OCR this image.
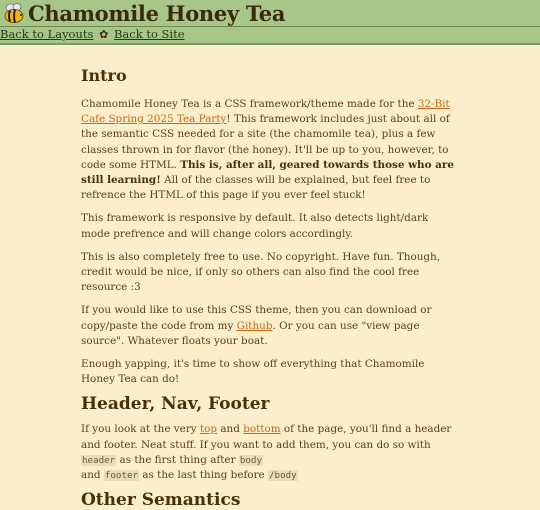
Chamomile Honey Tea
Back to Layouts ✿ Back to Site
Intro

Chamomile Honey Tea is a CSS framework/theme made for the 32-Bit Cafe Spring 2025 Tea Party! This framework includes just about all of the semantic CSS needed for a site (the chamomile tea), plus a few classes thrown in for flavor (the honey). It'll be up to you, however, to code some HTML. This is, after all, geared towards those who are still learning! All of the classes will be explained, but feel free to refrence the HTML of this page if you ever feel stuck!

This framework is responsive by default. It also detects light/dark mode prefrence and will change colors accordingly.

This is also completely free to use. No copyright. Have fun. Though, credit would be nice, if only so others can also find the cool free resource :3

If you would like to use this CSS theme, then you can download or copy/paste the code from my Github. Or you can use "view page source". Whatever floats your boat.

Enough yapping, it's time to show off everything that Chamomile Honey Tea can do!

Header, Nav, Footer

If you look at the very top and bottom of the page, you'll find a header and footer. Neat stuff. If you want to add them, you can do so with header as the first thing after body
and footer as the last thing before /body

Other Semantics
